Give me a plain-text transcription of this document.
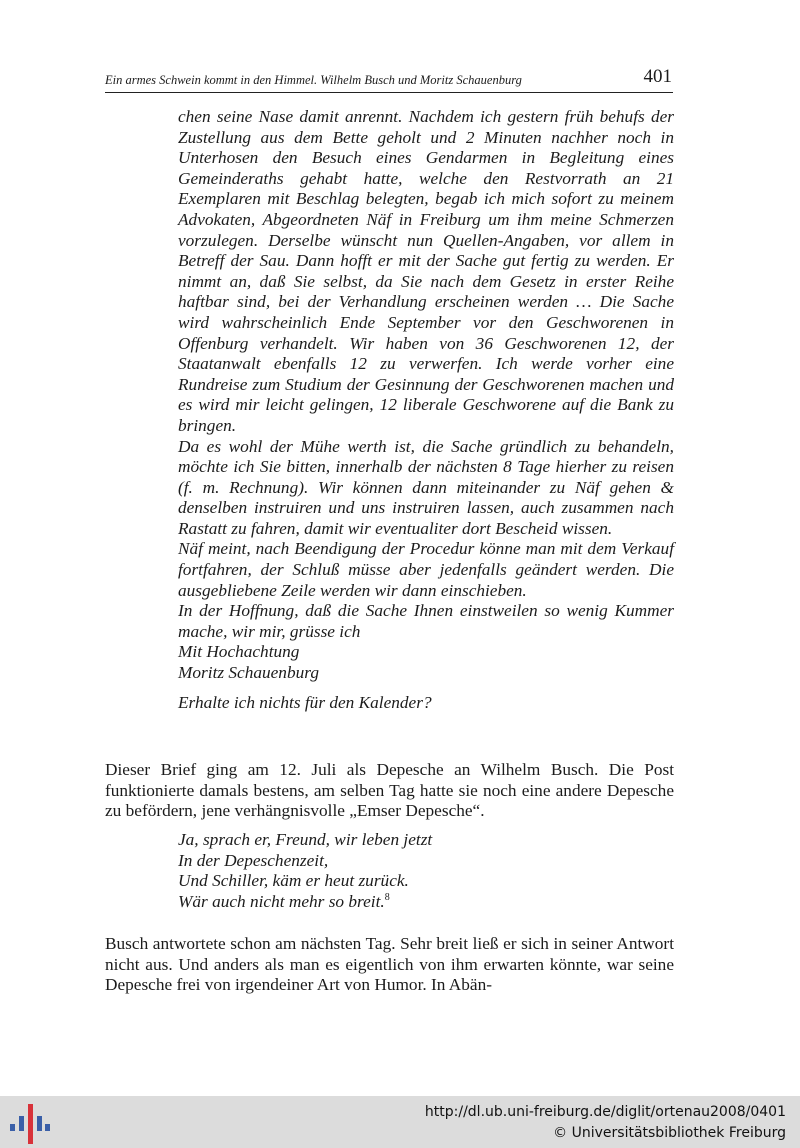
Ein armes Schwein kommt in den Himmel. Wilhelm Busch und Moritz Schauenburg	401

chen seine Nase damit anrennt. Nachdem ich gestern früh behufs der Zustellung aus dem Bette geholt und 2 Minuten nachher noch in Unterhosen den Besuch eines Gendarmen in Begleitung eines Gemeinderaths gehabt hatte, welche den Restvorrath an 21 Exemplaren mit Beschlag belegten, begab ich mich sofort zu meinem Advokaten, Abgeordneten Näf in Freiburg um ihm meine Schmerzen vorzulegen. Derselbe wünscht nun Quellen-Angaben, vor allem in Betreff der Sau. Dann hofft er mit der Sache gut fertig zu werden. Er nimmt an, daß Sie selbst, da Sie nach dem Gesetz in erster Reihe haftbar sind, bei der Verhandlung erscheinen werden … Die Sache wird wahrscheinlich Ende September vor den Geschworenen in Offenburg verhandelt. Wir haben von 36 Geschworenen 12, der Staatanwalt ebenfalls 12 zu verwerfen. Ich werde vorher eine Rundreise zum Studium der Gesinnung der Geschworenen machen und es wird mir leicht gelingen, 12 liberale Geschworene auf die Bank zu bringen.

Da es wohl der Mühe werth ist, die Sache gründlich zu behandeln, möchte ich Sie bitten, innerhalb der nächsten 8 Tage hierher zu reisen (f. m. Rechnung). Wir können dann miteinander zu Näf gehen & denselben instruiren und uns instruiren lassen, auch zusammen nach Rastatt zu fahren, damit wir eventualiter dort Bescheid wissen.

Näf meint, nach Beendigung der Procedur könne man mit dem Verkauf fortfahren, der Schluß müsse aber jedenfalls geändert werden. Die ausgebliebene Zeile werden wir dann einschieben.

In der Hoffnung, daß die Sache Ihnen einstweilen so wenig Kummer mache, wir mir, grüsse ich

Mit Hochachtung

Moritz Schauenburg

Erhalte ich nichts für den Kalender?

Dieser Brief ging am 12. Juli als Depesche an Wilhelm Busch. Die Post funktionierte damals bestens, am selben Tag hatte sie noch eine andere Depesche zu befördern, jene verhängnisvolle „Emser Depesche“.

Ja, sprach er, Freund, wir leben jetzt
In der Depeschenzeit,
Und Schiller, käm er heut zurück.
Wär auch nicht mehr so breit.$^8$

Busch antwortete schon am nächsten Tag. Sehr breit ließ er sich in seiner Antwort nicht aus. Und anders als man es eigentlich von ihm erwarten könnte, war seine Depesche frei von irgendeiner Art von Humor. In Abän-

http://dl.ub.uni-freiburg.de/diglit/ortenau2008/0401
© Universitätsbibliothek Freiburg
